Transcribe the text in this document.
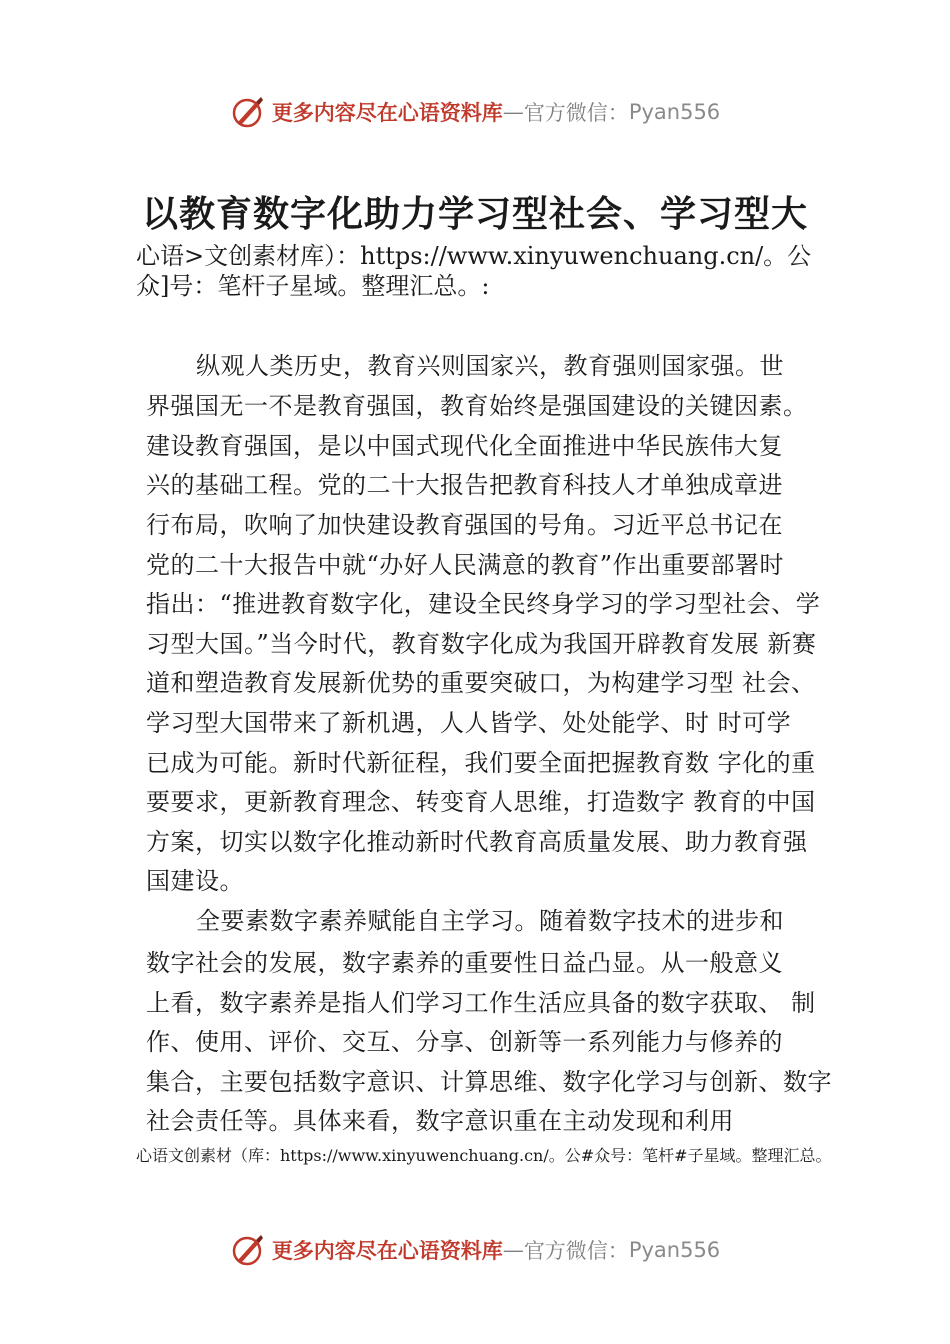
更多内容尽在心语资料库 — 官方微信： Pyan556
以教育数字化助力学习型社会、学习型大
心语>文创素材库）：https://www.xinyuwenchuang.cn/。公
众]号：笔杆子星域。整理汇总。:
纵观人类历史，教育兴则国家兴，教育强则国家强。世
界强国无一不是教育强国，教育始终是强国建设的关键因素。
建设教育强国，是以中国式现代化全面推进中华民族伟大复
兴的基础工程。党的二十大报告把教育科技人才单独成章进
行布局，吹响了加快建设教育强国的号角。习近平总书记在
党的二十大报告中就“办好人民满意的教育”作出重要部署时
指出：“推进教育数字化，建设全民终身学习的学习型社会、学
习型大国。”当今时代，教育数字化成为我国开辟教育发展 新赛
道和塑造教育发展新优势的重要突破口，为构建学习型 社会、
学习型大国带来了新机遇，人人皆学、处处能学、时 时可学
已成为可能。新时代新征程，我们要全面把握教育数 字化的重
要要求，更新教育理念、转变育人思维，打造数字 教育的中国
方案，切实以数字化推动新时代教育高质量发展、助力教育强
国建设。
全要素数字素养赋能自主学习。随着数字技术的进步和
数字社会的发展，数字素养的重要性日益凸显。从一般意义
上看，数字素养是指人们学习工作生活应具备的数字获取、 制
作、使用、评价、交互、分享、创新等一系列能力与修养的
集合，主要包括数字意识、计算思维、数字化学习与创新、数字
社会责任等。具体来看，数字意识重在主动发现和利用
心语文创素材（库：https://www.xinyuwenchuang.cn/。公#众号：笔杆#子星域。整理汇总。
更多内容尽在心语资料库 — 官方微信： Pyan556
